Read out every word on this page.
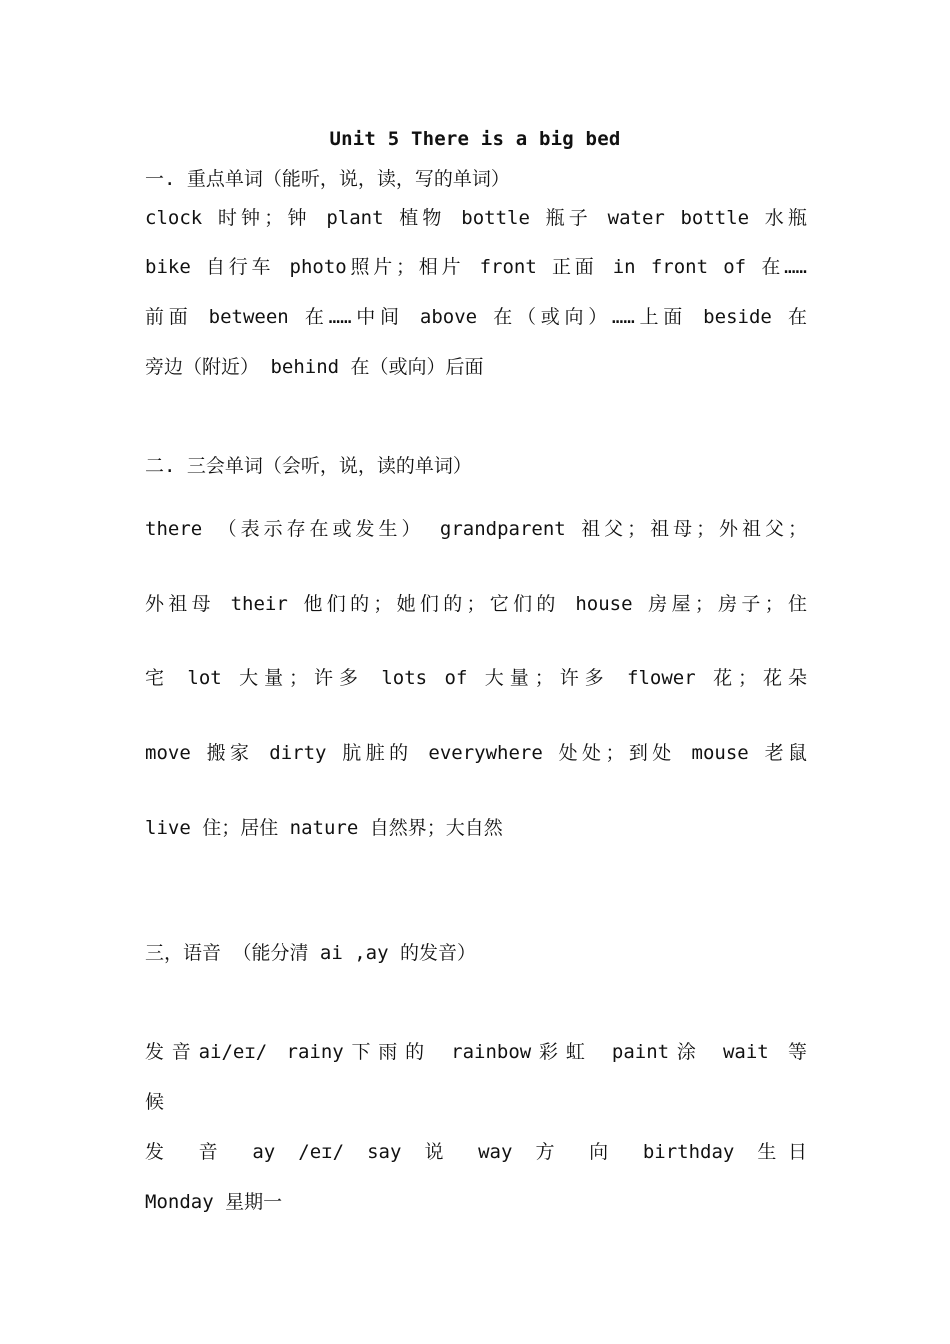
Unit 5 There is a big bed
一. 重点单词（能听，说，读，写的单词）
clock 时钟；钟 plant 植物 bottle 瓶子 water bottle 水瓶
bike 自行车 photo照片；相片 front 正面 in front of 在……
前面 between 在……中间 above 在（或向）……上面 beside 在
旁边（附近） behind 在（或向）后面
二. 三会单词（会听，说，读的单词）
there （表示存在或发生） grandparent 祖父；祖母；外祖父；
外祖母 their 他们的；她们的；它们的 house 房屋；房子；住
宅 lot 大量；许多 lots of 大量；许多 flower 花；花朵
move 搬家 dirty 肮脏的 everywhere 处处；到处 mouse 老鼠
live 住；居住 nature 自然界；大自然
三，语音 （能分清 ai ,ay 的发音）
发音ai/eɪ/ rainy下雨的 rainbow彩虹 paint涂 wait 等
候
发 音 ay /eɪ/ say 说 way 方 向 birthday 生日
Monday 星期一
